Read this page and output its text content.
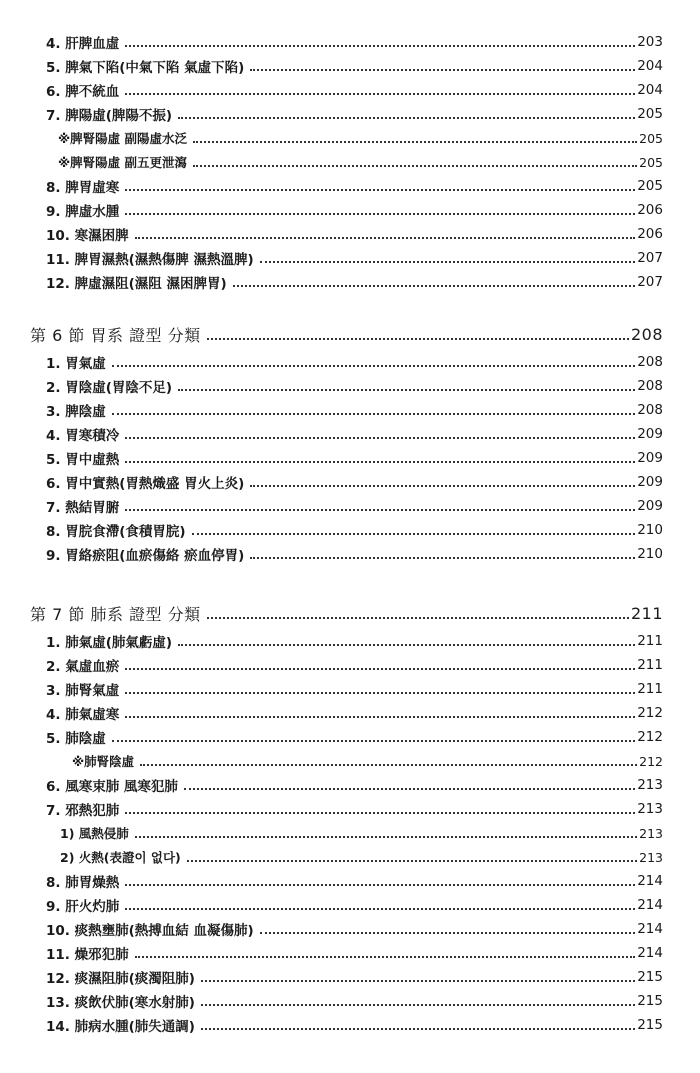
4. 肝脾血虛	203
5. 脾氣下陷(中氣下陷 氣虛下陷)	204
6. 脾不統血	204
7. 脾陽虛(脾陽不振)	205
※脾腎陽虛 副陽虛水泛	205
※脾腎陽虛 副五更泄瀉	205
8. 脾胃虛寒	205
9. 脾虛水腫	206
10. 寒濕困脾	206
11. 脾胃濕熱(濕熱傷脾 濕熱溫脾)	207
12. 脾虛濕阻(濕阻 濕困脾胃)	207
第 6 節 胃系 證型 分類	208
1. 胃氣虛	208
2. 胃陰虛(胃陰不足)	208
3. 脾陰虛	208
4. 胃寒積冷	209
5. 胃中虛熱	209
6. 胃中實熱(胃熱熾盛 胃火上炎)	209
7. 熱結胃腑	209
8. 胃脘食滯(食積胃脘)	210
9. 胃絡瘀阻(血瘀傷絡 瘀血停胃)	210
第 7 節 肺系 證型 分類	211
1. 肺氣虛(肺氣虧虛)	211
2. 氣虛血瘀	211
3. 肺腎氣虛	211
4. 肺氣虛寒	212
5. 肺陰虛	212
※肺腎陰虛	212
6. 風寒束肺 風寒犯肺	213
7. 邪熱犯肺	213
1) 風熱侵肺	213
2) 火熱(表證이 없다)	213
8. 肺胃燥熱	214
9. 肝火灼肺	214
10. 痰熱壅肺(熱搏血結 血凝傷肺)	214
11. 燥邪犯肺	214
12. 痰濕阻肺(痰濁阻肺)	215
13. 痰飲伏肺(寒水射肺)	215
14. 肺病水腫(肺失通調)	215
